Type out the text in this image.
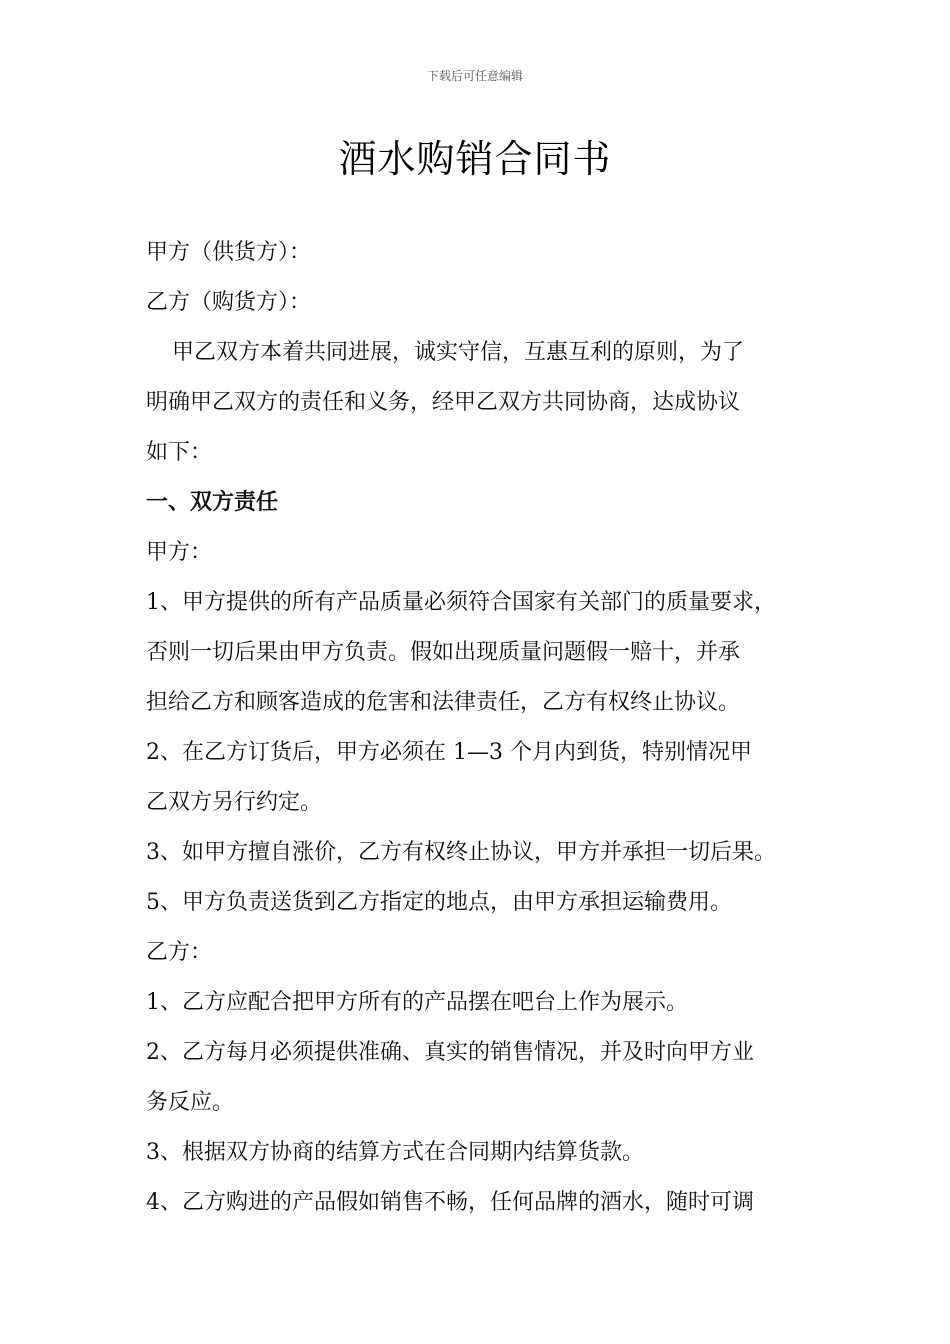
下载后可任意编辑
酒水购销合同书
甲方（供货方）：
乙方（购货方）：
甲乙双方本着共同进展，诚实守信，互惠互利的原则，为了
明确甲乙双方的责任和义务，经甲乙双方共同协商，达成协议
如下：
一、双方责任
甲方：
1、甲方提供的所有产品质量必须符合国家有关部门的质量要求，
否则一切后果由甲方负责。假如出现质量问题假一赔十，并承
担给乙方和顾客造成的危害和法律责任，乙方有权终止协议。
2、在乙方订货后，甲方必须在 1—3 个月内到货，特别情况甲
乙双方另行约定。
3、如甲方擅自涨价，乙方有权终止协议，甲方并承担一切后果。
5、甲方负责送货到乙方指定的地点，由甲方承担运输费用。
乙方：
1、乙方应配合把甲方所有的产品摆在吧台上作为展示。
2、乙方每月必须提供准确、真实的销售情况，并及时向甲方业
务反应。
3、根据双方协商的结算方式在合同期内结算货款。
4、乙方购进的产品假如销售不畅，任何品牌的酒水，随时可调
